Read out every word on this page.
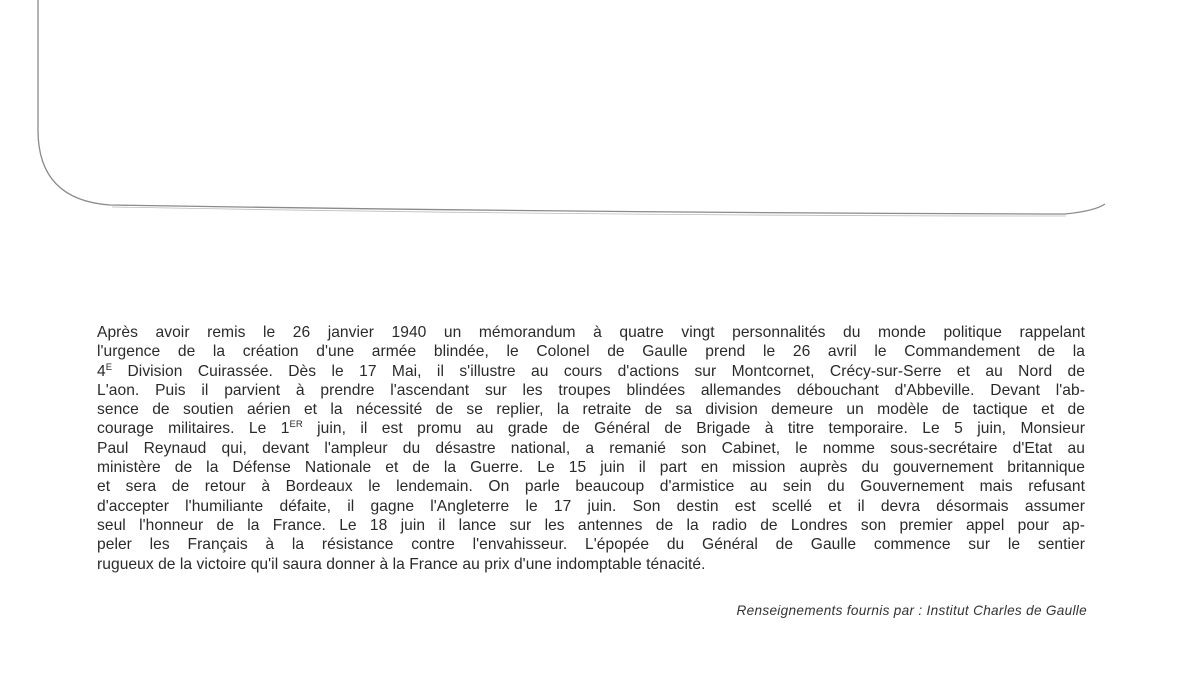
Après avoir remis le 26 janvier 1940 un mémorandum à quatre vingt personnalités du monde politique rappelant
l'urgence de la création d'une armée blindée, le Colonel de Gaulle prend le 26 avril le Commandement de la
$4^E$ Division Cuirassée. Dès le 17 Mai, il s'illustre au cours d'actions sur Montcornet, Crécy-sur-Serre et au Nord de
L'aon. Puis il parvient à prendre l'ascendant sur les troupes blindées allemandes débouchant d'Abbeville. Devant l'ab-
sence de soutien aérien et la nécessité de se replier, la retraite de sa division demeure un modèle de tactique et de
courage militaires. Le 1ER juin, il est promu au grade de Général de Brigade à titre temporaire. Le 5 juin, Monsieur
Paul Reynaud qui, devant l'ampleur du désastre national, a remanié son Cabinet, le nomme sous-secrétaire d'Etat au
ministère de la Défense Nationale et de la Guerre. Le 15 juin il part en mission auprès du gouvernement britannique
et sera de retour à Bordeaux le lendemain. On parle beaucoup d'armistice au sein du Gouvernement mais refusant
d'accepter l'humiliante défaite, il gagne l'Angleterre le 17 juin. Son destin est scellé et il devra désormais assumer
seul l'honneur de la France. Le 18 juin il lance sur les antennes de la radio de Londres son premier appel pour ap-
peler les Français à la résistance contre l'envahisseur. L'épopée du Général de Gaulle commence sur le sentier
rugueux de la victoire qu'il saura donner à la France au prix d'une indomptable ténacité.
Renseignements fournis par : Institut Charles de Gaulle
